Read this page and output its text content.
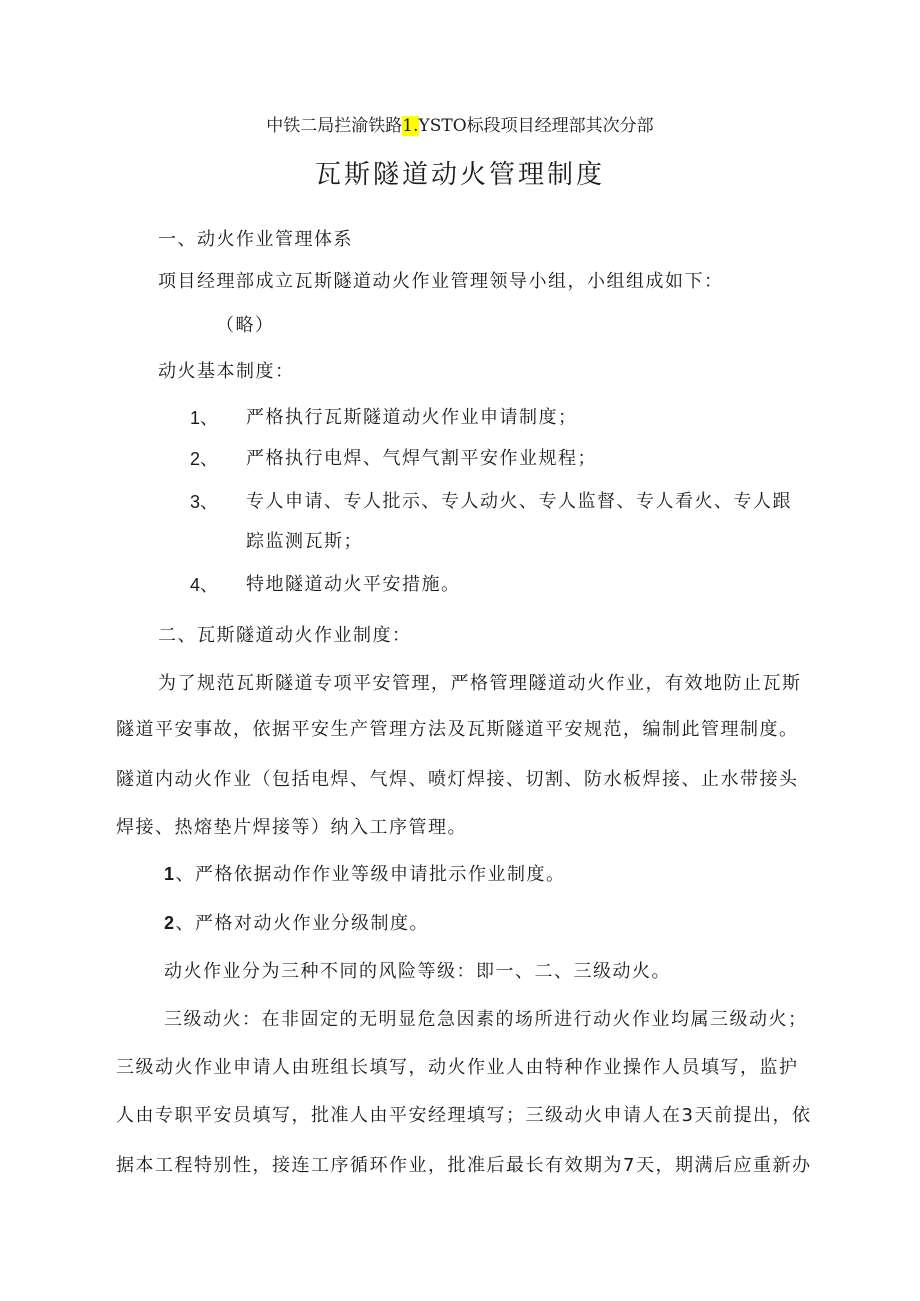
中铁二局拦渝铁路1.YSTO标段项目经理部其次分部
瓦斯隧道动火管理制度
一、动火作业管理体系
项目经理部成立瓦斯隧道动火作业管理领导小组，小组组成如下：
（略）
动火基本制度：
1、 严格执行瓦斯隧道动火作业申请制度；
2、 严格执行电焊、气焊气割平安作业规程；
3、 专人申请、专人批示、专人动火、专人监督、专人看火、专人跟
踪监测瓦斯；
4、 特地隧道动火平安措施。
二、瓦斯隧道动火作业制度：
为了规范瓦斯隧道专项平安管理，严格管理隧道动火作业，有效地防止瓦斯
隧道平安事故，依据平安生产管理方法及瓦斯隧道平安规范，编制此管理制度。
隧道内动火作业（包括电焊、气焊、喷灯焊接、切割、防水板焊接、止水带接头
焊接、热熔垫片焊接等）纳入工序管理。
1、严格依据动作作业等级申请批示作业制度。
2、严格对动火作业分级制度。
动火作业分为三种不同的风险等级：即一、二、三级动火。
三级动火：在非固定的无明显危急因素的场所进行动火作业均属三级动火；
三级动火作业申请人由班组长填写，动火作业人由特种作业操作人员填写，监护
人由专职平安员填写，批准人由平安经理填写；三级动火申请人在3天前提出，依
据本工程特别性，接连工序循环作业，批准后最长有效期为7天，期满后应重新办
